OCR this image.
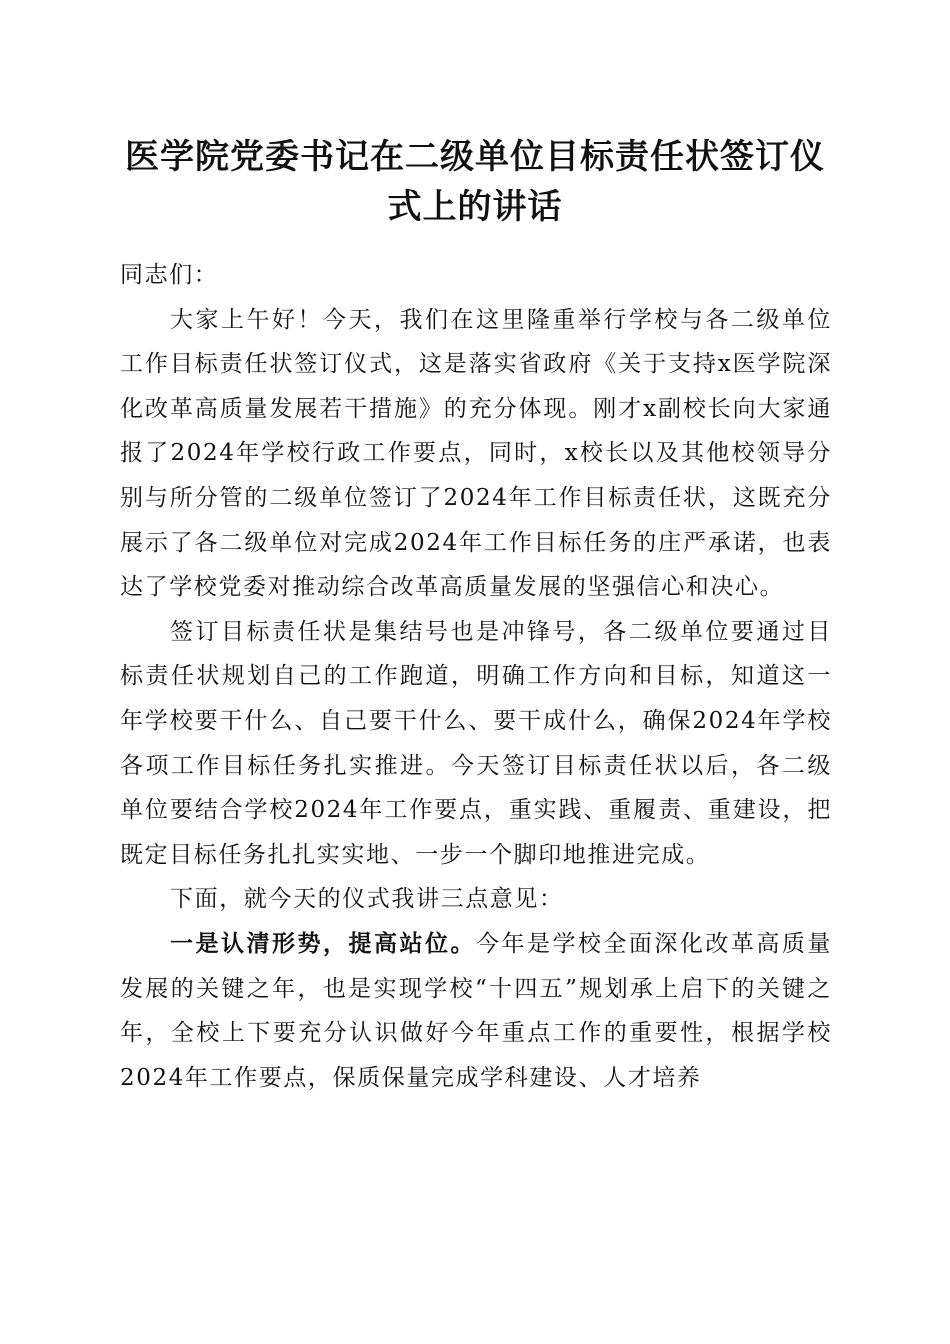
医学院党委书记在二级单位目标责任状签订仪式上的讲话

同志们：

大家上午好！今天，我们在这里隆重举行学校与各二级单位工作目标责任状签订仪式，这是落实省政府《关于支持x医学院深化改革高质量发展若干措施》的充分体现。刚才x副校长向大家通报了2024年学校行政工作要点，同时，x校长以及其他校领导分别与所分管的二级单位签订了2024年工作目标责任状，这既充分展示了各二级单位对完成2024年工作目标任务的庄严承诺，也表达了学校党委对推动综合改革高质量发展的坚强信心和决心。

签订目标责任状是集结号也是冲锋号，各二级单位要通过目标责任状规划自己的工作跑道，明确工作方向和目标，知道这一年学校要干什么、自己要干什么、要干成什么，确保2024年学校各项工作目标任务扎实推进。今天签订目标责任状以后，各二级单位要结合学校2024年工作要点，重实践、重履责、重建设，把既定目标任务扎扎实实地、一步一个脚印地推进完成。

下面，就今天的仪式我讲三点意见：

一是认清形势，提高站位。今年是学校全面深化改革高质量发展的关键之年，也是实现学校“十四五”规划承上启下的关键之年，全校上下要充分认识做好今年重点工作的重要性，根据学校2024年工作要点，保质保量完成学科建设、人才培养
